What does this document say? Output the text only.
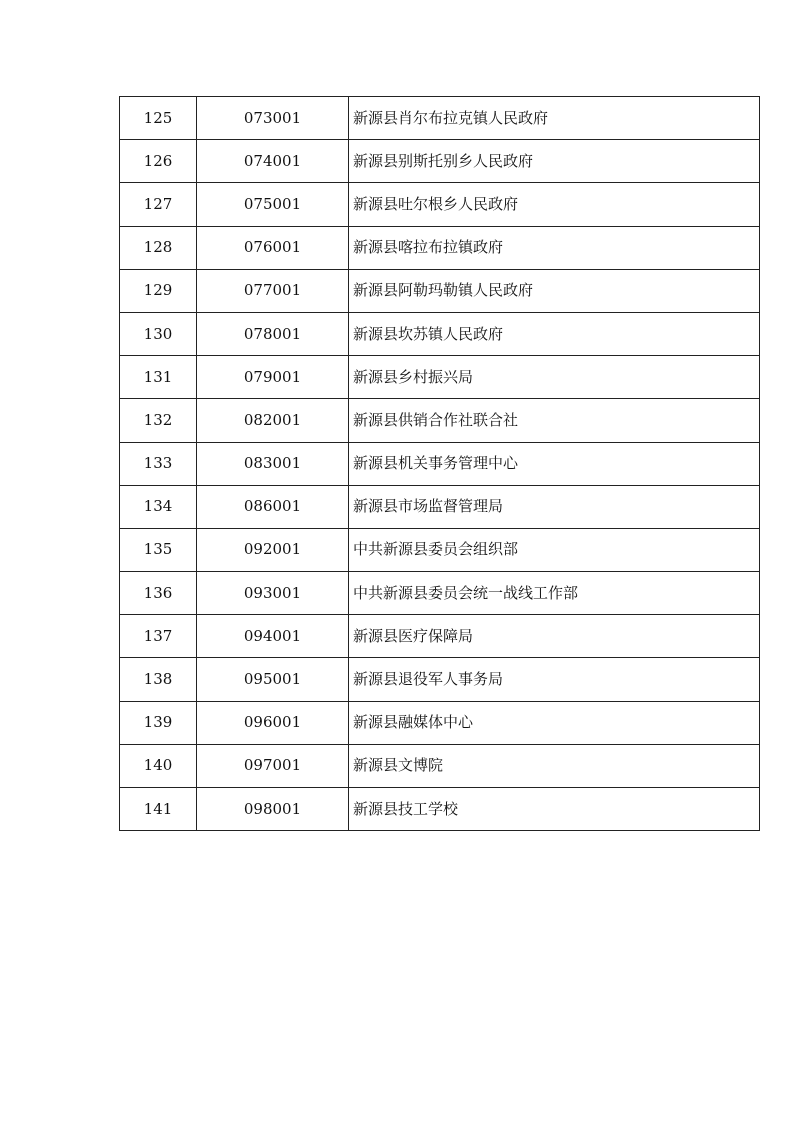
125	073001	新源县肖尔布拉克镇人民政府
126	074001	新源县别斯托别乡人民政府
127	075001	新源县吐尔根乡人民政府
128	076001	新源县喀拉布拉镇政府
129	077001	新源县阿勒玛勒镇人民政府
130	078001	新源县坎苏镇人民政府
131	079001	新源县乡村振兴局
132	082001	新源县供销合作社联合社
133	083001	新源县机关事务管理中心
134	086001	新源县市场监督管理局
135	092001	中共新源县委员会组织部
136	093001	中共新源县委员会统一战线工作部
137	094001	新源县医疗保障局
138	095001	新源县退役军人事务局
139	096001	新源县融媒体中心
140	097001	新源县文博院
141	098001	新源县技工学校
